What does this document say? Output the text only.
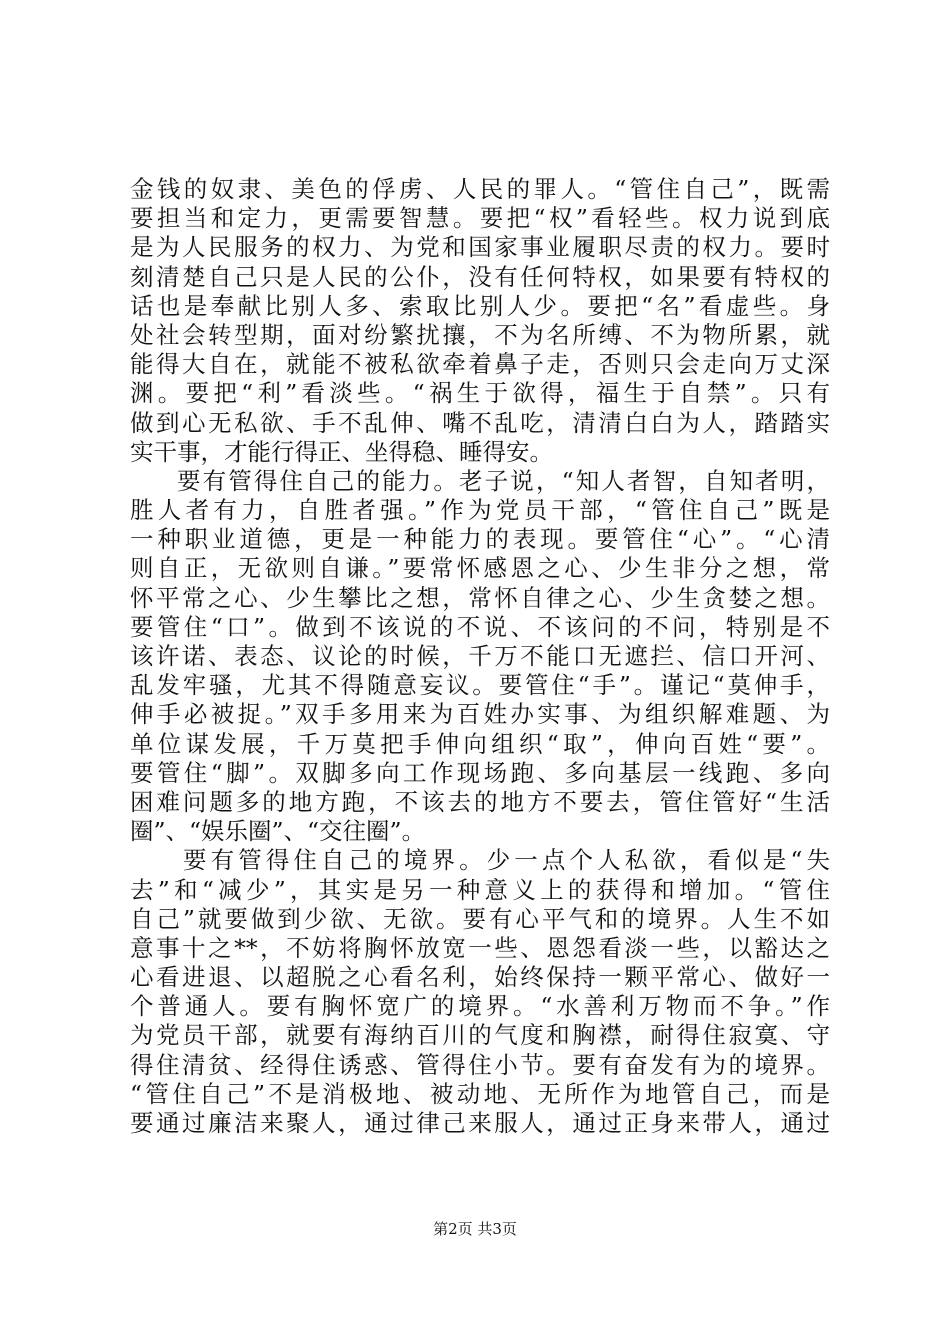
金钱的奴隶、美色的俘虏、人民的罪人。“管住自己”，既需
要担当和定力，更需要智慧。要把“权”看轻些。权力说到底
是为人民服务的权力、为党和国家事业履职尽责的权力。要时
刻清楚自己只是人民的公仆，没有任何特权，如果要有特权的
话也是奉献比别人多、索取比别人少。要把“名”看虚些。身
处社会转型期，面对纷繁扰攘，不为名所缚、不为物所累，就
能得大自在，就能不被私欲牵着鼻子走，否则只会走向万丈深
渊。要把“利”看淡些。“祸生于欲得，福生于自禁”。只有
做到心无私欲、手不乱伸、嘴不乱吃，清清白白为人，踏踏实
实干事，才能行得正、坐得稳、睡得安。
要有管得住自己的能力。老子说，“知人者智，自知者明，
胜人者有力，自胜者强。”作为党员干部，“管住自己”既是
一种职业道德，更是一种能力的表现。要管住“心”。“心清
则自正，无欲则自谦。”要常怀感恩之心、少生非分之想，常
怀平常之心、少生攀比之想，常怀自律之心、少生贪婪之想。
要管住“口”。做到不该说的不说、不该问的不问，特别是不
该许诺、表态、议论的时候，千万不能口无遮拦、信口开河、
乱发牢骚，尤其不得随意妄议。要管住“手”。谨记“莫伸手，
伸手必被捉。”双手多用来为百姓办实事、为组织解难题、为
单位谋发展，千万莫把手伸向组织“取”，伸向百姓“要”。
要管住“脚”。双脚多向工作现场跑、多向基层一线跑、多向
困难问题多的地方跑，不该去的地方不要去，管住管好“生活
圈”、“娱乐圈”、“交往圈”。
要有管得住自己的境界。少一点个人私欲，看似是“失
去”和“减少”，其实是另一种意义上的获得和增加。“管住
自己”就要做到少欲、无欲。要有心平气和的境界。人生不如
意事十之**，不妨将胸怀放宽一些、恩怨看淡一些，以豁达之
心看进退、以超脱之心看名利，始终保持一颗平常心、做好一
个普通人。要有胸怀宽广的境界。“水善利万物而不争。”作
为党员干部，就要有海纳百川的气度和胸襟，耐得住寂寞、守
得住清贫、经得住诱惑、管得住小节。要有奋发有为的境界。
“管住自己”不是消极地、被动地、无所作为地管自己，而是
要通过廉洁来聚人，通过律己来服人，通过正身来带人，通过
第2页 共3页
